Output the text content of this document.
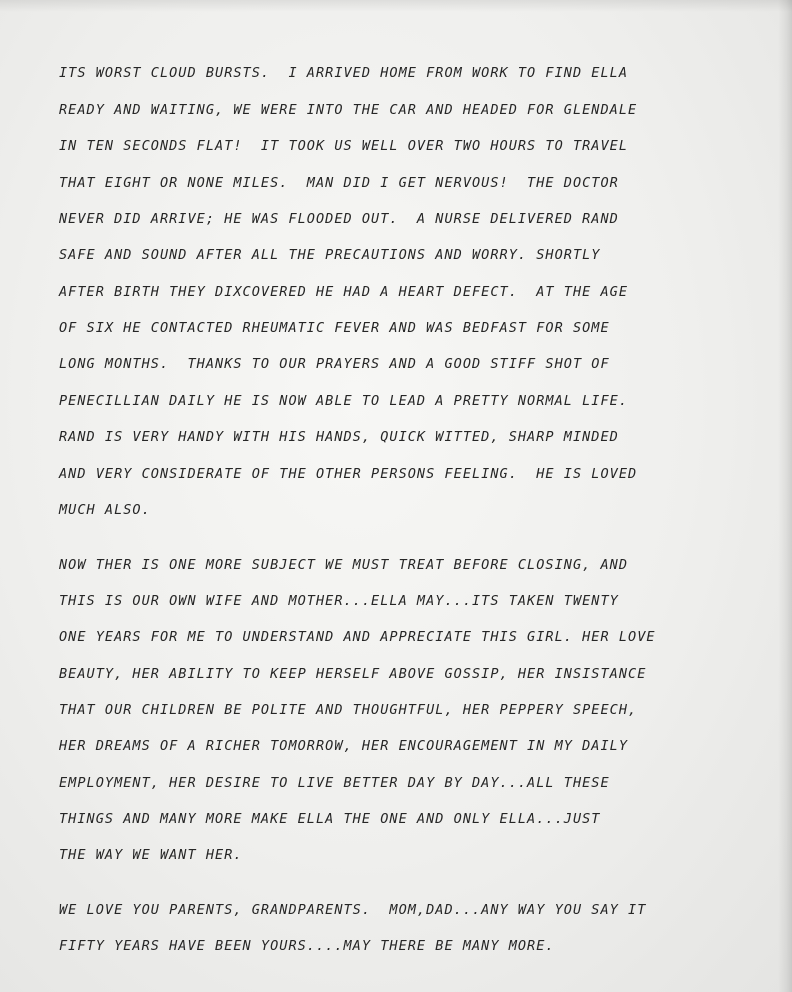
ITS WORST CLOUD BURSTS.  I ARRIVED HOME FROM WORK TO FIND ELLA

READY AND WAITING, WE WERE INTO THE CAR AND HEADED FOR GLENDALE

IN TEN SECONDS FLAT!  IT TOOK US WELL OVER TWO HOURS TO TRAVEL

THAT EIGHT OR NONE MILES.  MAN DID I GET NERVOUS!  THE DOCTOR

NEVER DID ARRIVE; HE WAS FLOODED OUT.  A NURSE DELIVERED RAND

SAFE AND SOUND AFTER ALL THE PRECAUTIONS AND WORRY. SHORTLY

AFTER BIRTH THEY DIXCOVERED HE HAD A HEART DEFECT.  AT THE AGE

OF SIX HE CONTACTED RHEUMATIC FEVER AND WAS BEDFAST FOR SOME

LONG MONTHS.  THANKS TO OUR PRAYERS AND A GOOD STIFF SHOT OF

PENECILLIAN DAILY HE IS NOW ABLE TO LEAD A PRETTY NORMAL LIFE.

RAND IS VERY HANDY WITH HIS HANDS, QUICK WITTED, SHARP MINDED

AND VERY CONSIDERATE OF THE OTHER PERSONS FEELING.  HE IS LOVED

MUCH ALSO.

NOW THER IS ONE MORE SUBJECT WE MUST TREAT BEFORE CLOSING, AND

THIS IS OUR OWN WIFE AND MOTHER...ELLA MAY...ITS TAKEN TWENTY

ONE YEARS FOR ME TO UNDERSTAND AND APPRECIATE THIS GIRL. HER LOVE

BEAUTY, HER ABILITY TO KEEP HERSELF ABOVE GOSSIP, HER INSISTANCE

THAT OUR CHILDREN BE POLITE AND THOUGHTFUL, HER PEPPERY SPEECH,

HER DREAMS OF A RICHER TOMORROW, HER ENCOURAGEMENT IN MY DAILY

EMPLOYMENT, HER DESIRE TO LIVE BETTER DAY BY DAY...ALL THESE

THINGS AND MANY MORE MAKE ELLA THE ONE AND ONLY ELLA...JUST

THE WAY WE WANT HER.

WE LOVE YOU PARENTS, GRANDPARENTS.  MOM,DAD...ANY WAY YOU SAY IT

FIFTY YEARS HAVE BEEN YOURS....MAY THERE BE MANY MORE.
